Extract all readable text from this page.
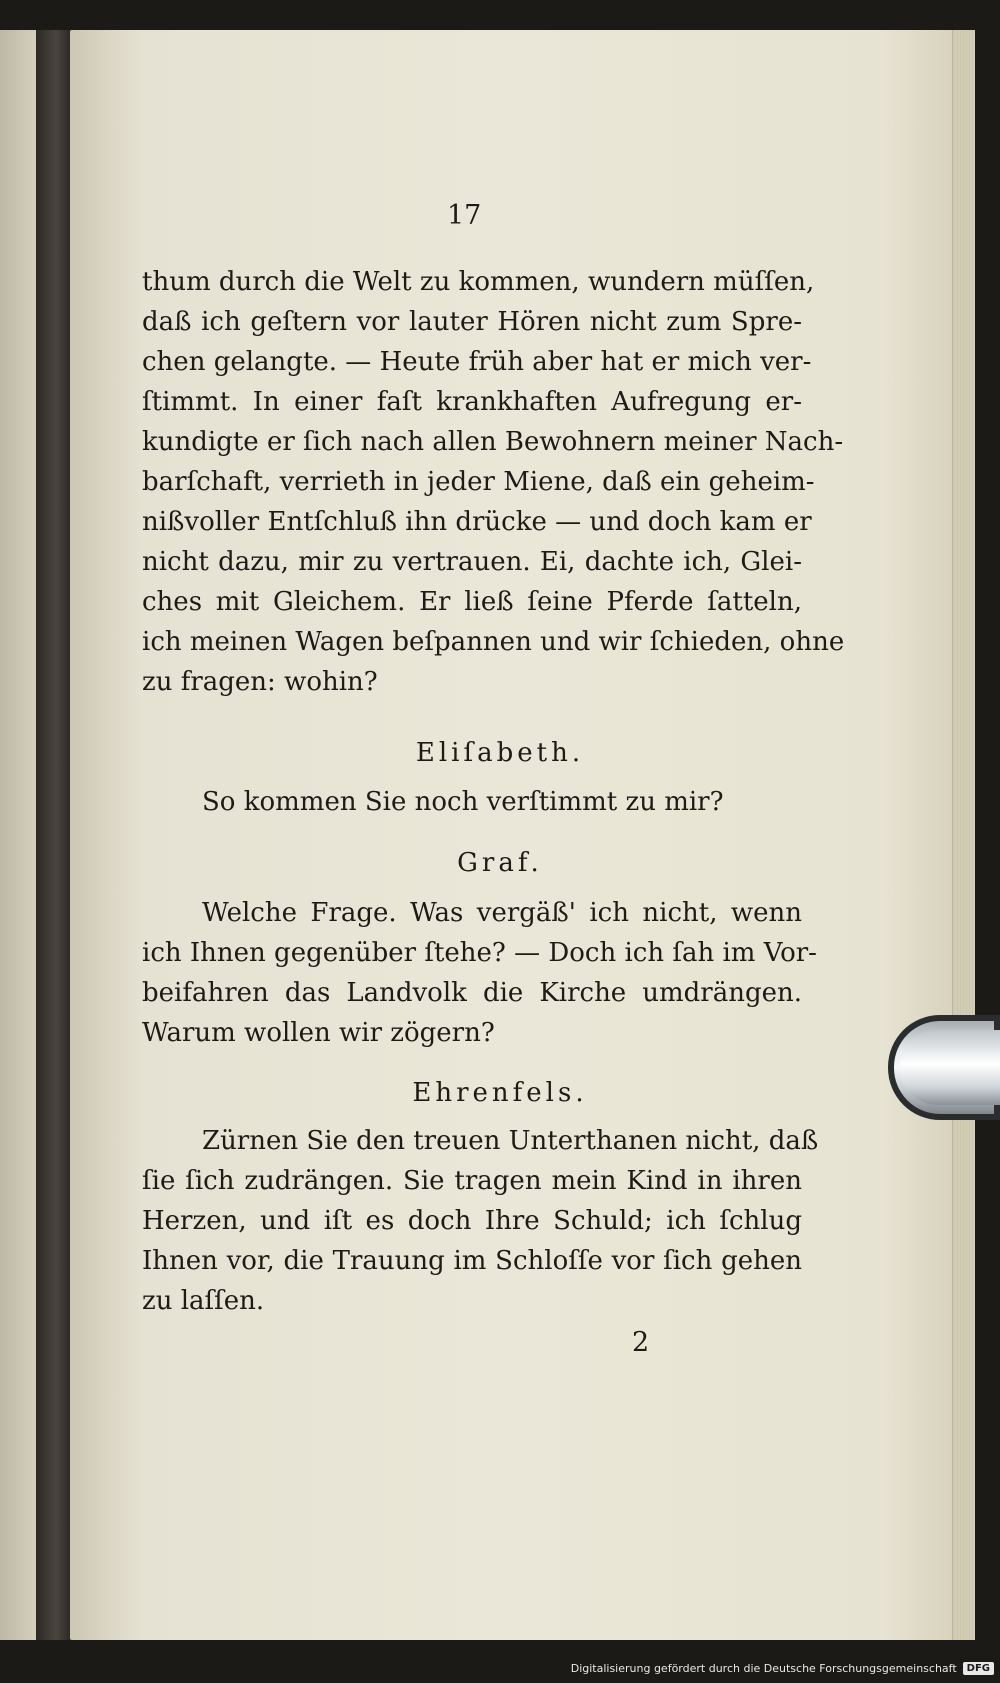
17
thum durch die Welt zu kommen, wundern müſſen,
daß ich geſtern vor lauter Hören nicht zum Spre-
chen gelangte. — Heute früh aber hat er mich ver-
ſtimmt. In einer faſt krankhaften Aufregung er-
kundigte er ſich nach allen Bewohnern meiner Nach-
barſchaft, verrieth in jeder Miene, daß ein geheim-
nißvoller Entſchluß ihn drücke — und doch kam er
nicht dazu, mir zu vertrauen. Ei, dachte ich, Glei-
ches mit Gleichem. Er ließ ſeine Pferde ſatteln,
ich meinen Wagen beſpannen und wir ſchieden, ohne
zu fragen: wohin?
Eliſabeth.
So kommen Sie noch verſtimmt zu mir?
Graf.
Welche Frage. Was vergäß' ich nicht, wenn
ich Ihnen gegenüber ſtehe? — Doch ich ſah im Vor-
beifahren das Landvolk die Kirche umdrängen.
Warum wollen wir zögern?
Ehrenfels.
Zürnen Sie den treuen Unterthanen nicht, daß
ſie ſich zudrängen. Sie tragen mein Kind in ihren
Herzen, und iſt es doch Ihre Schuld; ich ſchlug
Ihnen vor, die Trauung im Schloſſe vor ſich gehen
zu laſſen.
2
Digitalisierung gefördert durch die Deutsche Forschungsgemeinschaft	DFG
